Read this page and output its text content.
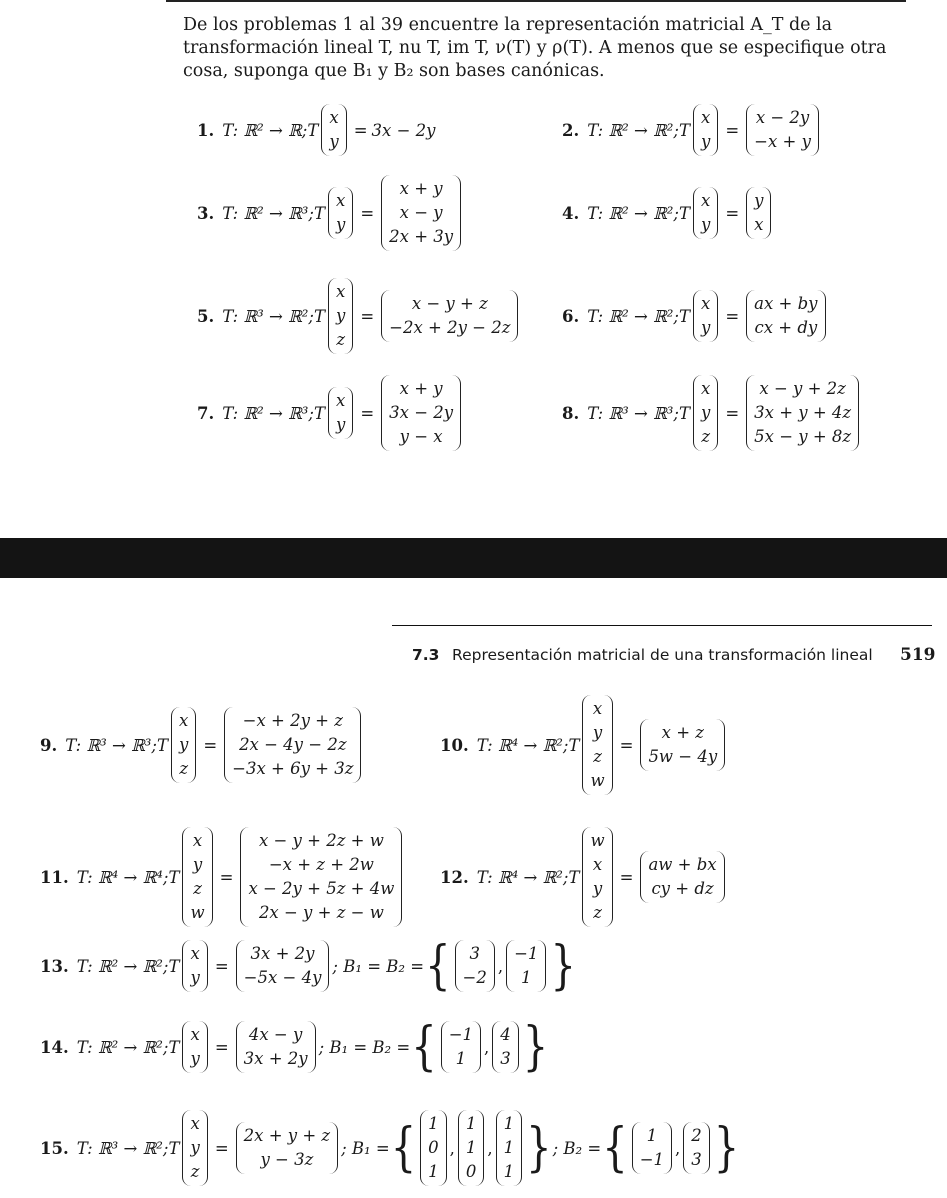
De los problemas 1 al 39 encuentre la representación matricial A_T de la transformación lineal T, nu T, im T, ν(T) y ρ(T). A menos que se especifique otra cosa, suponga que B₁ y B₂ son bases canónicas.
7.3 Representación matricial de una transformación lineal 519
1. T: ℝ² → ℝ; T
x
y
= 3x − 2y	2. T: ℝ² → ℝ²; T
x
y
=
x − 2y
−x + y
3. T: ℝ² → ℝ³; T
x
y
=
x + y
x − y
2x + 3y
4. T: ℝ² → ℝ²; T
x
y
=
y
x
5. T: ℝ³ → ℝ²; T
x
y
z
=
x − y + z
−2x + 2y − 2z
6. T: ℝ² → ℝ²; T
x
y
=
ax + by
cx + dy
7. T: ℝ² → ℝ³; T
x
y
=
x + y
3x − 2y
y − x
8. T: ℝ³ → ℝ³; T
x
y
z
=
x − y + 2z
3x + y + 4z
5x − y + 8z
9. T: ℝ³ → ℝ³; T
x
y
z
=
−x + 2y + z
2x − 4y − 2z
−3x + 6y + 3z
10. T: ℝ⁴ → ℝ²; T
x
y
z
w
=
x + z
5w − 4y
11. T: ℝ⁴ → ℝ⁴; T
x
y
z
w
=
x − y + 2z + w
−x + z + 2w
x − 2y + 5z + 4w
2x − y + z − w
12. T: ℝ⁴ → ℝ²; T
w
x
y
z
=
aw + bx
cy + dz
13. T: ℝ² → ℝ²; T
x
y
=
3x + 2y
−5x − 4y
; B₁ = B₂ = {	3
−2
,
−1
1 }
14. T: ℝ² → ℝ²; T
x
y
=
4x − y
3x + 2y
; B₁ = B₂ = { −1
1
,
4
3 }
15. T: ℝ³ → ℝ²; T
x
y
z
=
2x + y + z
y − 3z
; B₁ = { 1
0
1
,
1
1
0
,
1
1
1 } ; B₂ = {	1
−1
,
2
3 }
